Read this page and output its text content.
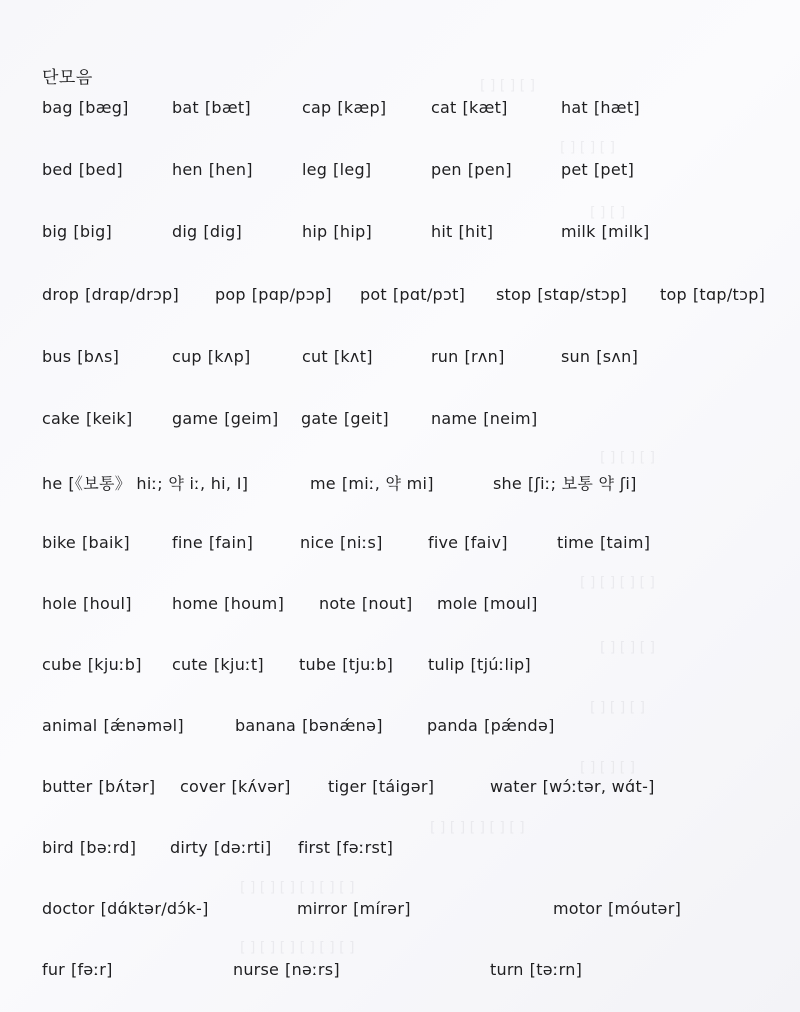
[ ] [ ] [ ]
[ ] [ ] [ ]
[ ] [ ]
[ ] [ ] [ ]
[ ] [ ] [ ] [ ]
[ ] [ ] [ ]
[ ] [ ] [ ]
[ ] [ ] [ ]
[ ] [ ] [ ] [ ] [ ]
[ ] [ ] [ ] [ ] [ ] [ ]
[ ] [ ] [ ] [ ] [ ] [ ]
단모음
bag [bæg]	bat [bæt]	cap [kæp]	cat [kæt]	hat [hæt]
bed [bed]	hen [hen]	leg [leg]	pen [pen]	pet [pet]
big [big]	dig [dig]	hip [hip]	hit [hit]	milk [milk]
drop [drɑp/drɔp] pop [pɑp/pɔp] pot [pɑt/pɔt] stop [stɑp/stɔp] top [tɑp/tɔp]
bus [bʌs]	cup [kʌp]	cut [kʌt]	run [rʌn]	sun [sʌn]
cake [keik] game [geim] gate [geit]	name [neim]
he [《보통》 hiː; 약 iː, hi, I]	me [miː, 약 mi]	she [ʃiː; 보통 약 ʃi]
bike [baik]	fine [fain]	nice [niːs]	five [faiv]	time [taim]
hole [houl]	home [houm] note [nout] mole [moul]
cube [kjuːb] cute [kjuːt] tube [tjuːb] tulip [tjúːlip]
animal [ǽnəməl]	banana [bənǽnə]	panda [pǽndə]
butter [bʌ́tər] cover [kʌ́vər] tiger [táigər]	water [wɔ́ːtər, wɑ́t-]
bird [bəːrd] dirty [dəːrti] first [fəːrst]
doctor [dɑ́ktər/dɔ́k-]	mirror [mírər]	motor [móutər]
fur [fəːr]	nurse [nəːrs]	turn [təːrn]
